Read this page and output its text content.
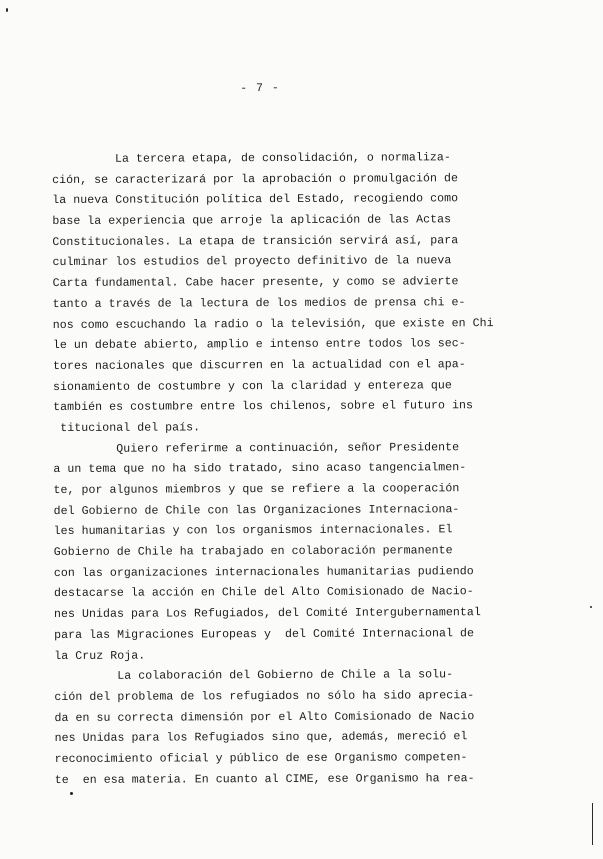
- 7 -
La tercera etapa, de consolidación, o normaliza-
ción, se caracterizará por la aprobación o promulgación de
la nueva Constitución política del Estado, recogiendo como
base la experiencia que arroje la aplicación de las Actas
Constitucionales. La etapa de transición servirá así, para
culminar los estudios del proyecto definitivo de la nueva
Carta fundamental. Cabe hacer presente, y como se advierte
tanto a través de la lectura de los medios de prensa chi e-
nos como escuchando la radio o la televisión, que existe en Chi
le un debate abierto, amplio e intenso entre todos los sec-
tores nacionales que discurren en la actualidad con el apa-
sionamiento de costumbre y con la claridad y entereza que
también es costumbre entre los chilenos, sobre el futuro ins
titucional del país.
Quiero referirme a continuación, señor Presidente
a un tema que no ha sido tratado, sino acaso tangencialmen-
te, por algunos miembros y que se refiere a la cooperación
del Gobierno de Chile con las Organizaciones Internaciona-
les humanitarias y con los organismos internacionales. El
Gobierno de Chile ha trabajado en colaboración permanente
con las organizaciones internacionales humanitarias pudiendo
destacarse la acción en Chile del Alto Comisionado de Nacio-
nes Unidas para Los Refugiados, del Comité Intergubernamental
para las Migraciones Europeas y  del Comité Internacional de
la Cruz Roja.
La colaboración del Gobierno de Chile a la solu-
ción del problema de los refugiados no sólo ha sido aprecia-
da en su correcta dimensión por el Alto Comisionado de Nacio
nes Unidas para los Refugiados sino que, además, mereció el
reconocimiento oficial y público de ese Organismo competen-
te  en esa materia. En cuanto al CIME, ese Organismo ha rea-
